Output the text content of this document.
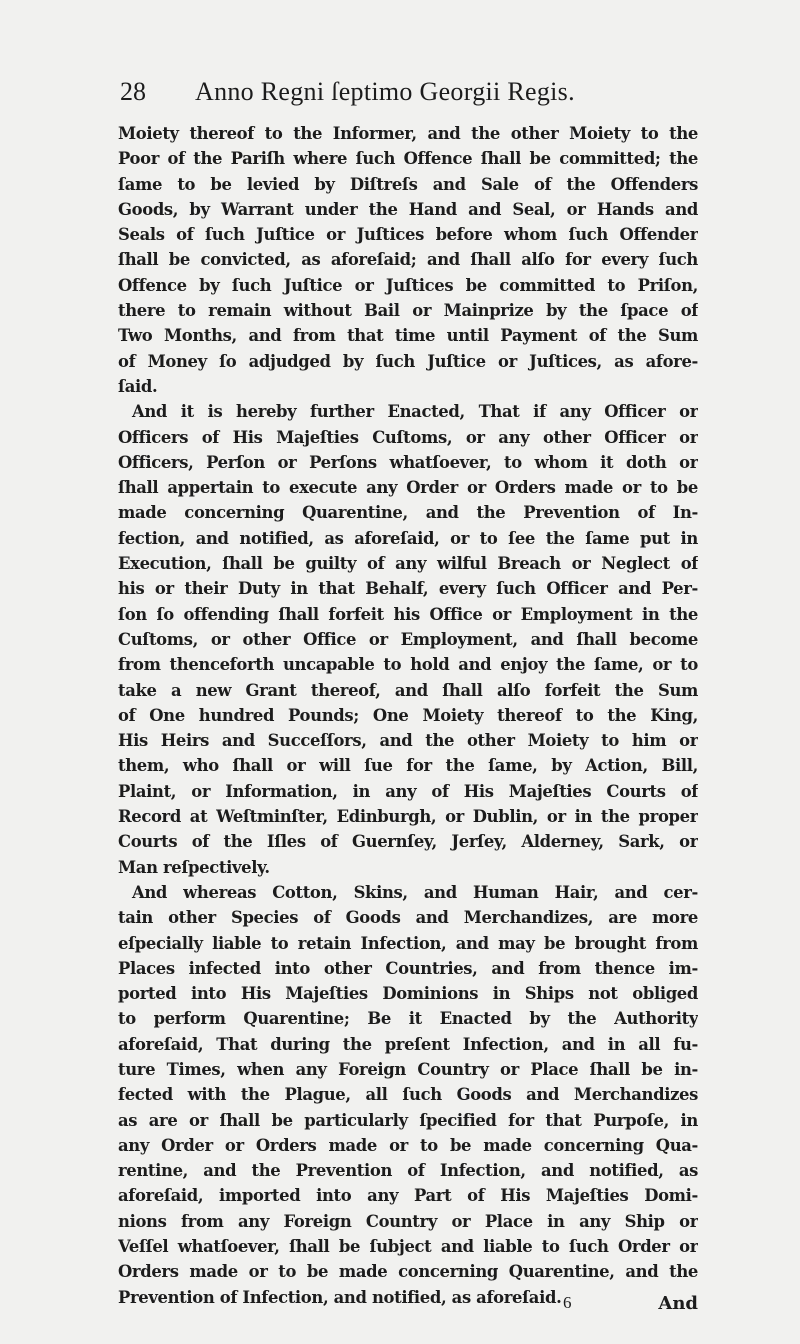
28 Anno Regni ſeptimo Georgii Regis.
Moiety thereof to the Informer, and the other Moiety to the
Poor of the Pariſh where ſuch Offence ſhall be committed; the
ſame to be levied by Diſtreſs and Sale of the Offenders
Goods, by Warrant under the Hand and Seal, or Hands and
Seals of ſuch Juſtice or Juſtices before whom ſuch Offender
ſhall be convicted, as aforeſaid; and ſhall alſo for every ſuch
Offence by ſuch Juſtice or Juſtices be committed to Priſon,
there to remain without Bail or Mainprize by the ſpace of
Two Months, and from that time until Payment of the Sum
of Money ſo adjudged by ſuch Juſtice or Juſtices, as afore-
ſaid.
And it is hereby further Enacted, That if any Officer or
Officers of His Majeſties Cuſtoms, or any other Officer or
Officers, Perſon or Perſons whatſoever, to whom it doth or
ſhall appertain to execute any Order or Orders made or to be
made concerning Quarentine, and the Prevention of In-
fection, and notified, as aforeſaid, or to ſee the ſame put in
Execution, ſhall be guilty of any wilful Breach or Neglect of
his or their Duty in that Behalf, every ſuch Officer and Per-
ſon ſo offending ſhall forfeit his Office or Employment in the
Cuſtoms, or other Office or Employment, and ſhall become
from thenceforth uncapable to hold and enjoy the ſame, or to
take a new Grant thereof, and ſhall alſo forfeit the Sum
of One hundred Pounds; One Moiety thereof to the King,
His Heirs and Succeſſors, and the other Moiety to him or
them, who ſhall or will ſue for the ſame, by Action, Bill,
Plaint, or Information, in any of His Majeſties Courts of
Record at Weſtminſter, Edinburgh, or Dublin, or in the proper
Courts of the Iſles of Guernſey, Jerſey, Alderney, Sark, or
Man reſpectively.
And whereas Cotton, Skins, and Human Hair, and cer-
tain other Species of Goods and Merchandizes, are more
eſpecially liable to retain Infection, and may be brought from
Places infected into other Countries, and from thence im-
ported into His Majeſties Dominions in Ships not obliged
to perform Quarentine; Be it Enacted by the Authority
aforeſaid, That during the preſent Infection, and in all fu-
ture Times, when any Foreign Country or Place ſhall be in-
fected with the Plague, all ſuch Goods and Merchandizes
as are or ſhall be particularly ſpecified for that Purpoſe, in
any Order or Orders made or to be made concerning Qua-
rentine, and the Prevention of Infection, and notified, as
aforeſaid, imported into any Part of His Majeſties Domi-
nions from any Foreign Country or Place in any Ship or
Veſſel whatſoever, ſhall be ſubject and liable to ſuch Order or
Orders made or to be made concerning Quarentine, and the
Prevention of Infection, and notified, as aforeſaid. 6	And
